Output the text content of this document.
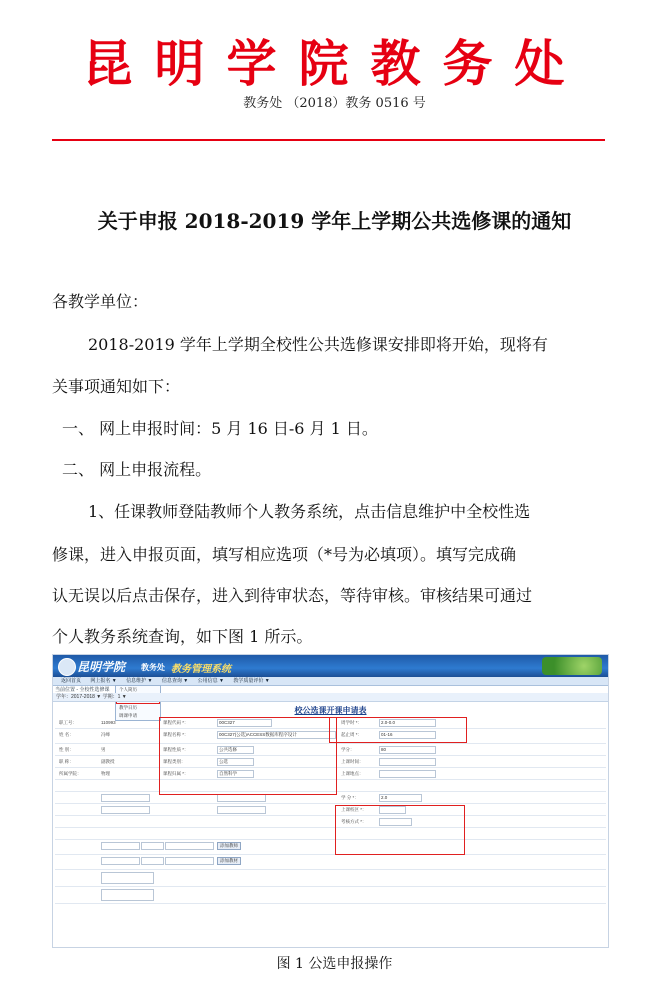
昆明学院教务处
教务处 （2018）教务 0516 号
关于申报 2018-2019 学年上学期公共选修课的通知
各教学单位：
2018-2019 学年上学期全校性公共选修课安排即将开始，现将有
关事项通知如下：
一、 网上申报时间：5 月 16 日-6 月 1 日。
二、 网上申报流程。
1、任课教师登陆教师个人教务系统，点击信息维护中全校性选
修课，进入申报页面，填写相应选项（*号为必填项）。填写完成确
认无误以后点击保存，进入到待审状态，等待审核。审核结果可通过
个人教务系统查询，如下图 1 所示。
昆明学院 教务处 教务管理系统
返回首页 网上报名 ▼ 信息维护 ▼ 信息查询 ▼ 公用信息 ▼ 教学质量评价 ▼
当前位置 - 全校性选修课	个人简历
教学日历
调课申请
学年：2017-2018 ▼ 学期：1 ▼
校公选课开课申请表
职工号：	110993	课程代码 *：	00C327	周学时 *：	2.0-0.0
姓 名：	冯峰	课程名称 *：	00C327(公选)ACCESS数据库程序设计	起止周 *：	01-16
性 别：	男	课程性质 *：	公共选修	学分：	80
职 称：	副教授	课程类别：	公选	上课时间：
所属学院：	物理	课程归属 *：	自然科学	上课地点：
学 分 *：	2.0
上课校区 *：
考核方式 *：
添加教师
添加教材
图 1 公选申报操作
